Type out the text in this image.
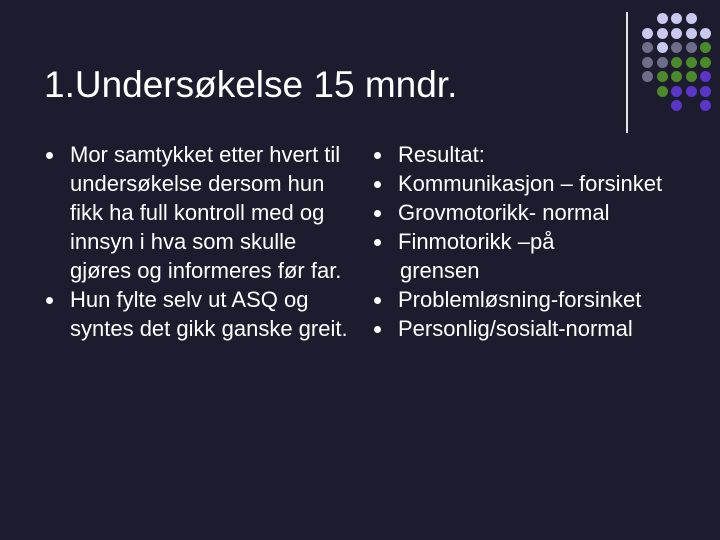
1.Undersøkelse 15 mndr.
Mor samtykket etter hvert til undersøkelse dersom hun fikk ha full kontroll med og innsyn i hva som skulle gjøres og informeres før far.
Hun fylte selv ut ASQ og syntes det gikk ganske greit.
Resultat:
Kommunikasjon – forsinket
Grovmotorikk- normal
Finmotorikk –på
grensen
Problemløsning-forsinket
Personlig/sosialt-normal
